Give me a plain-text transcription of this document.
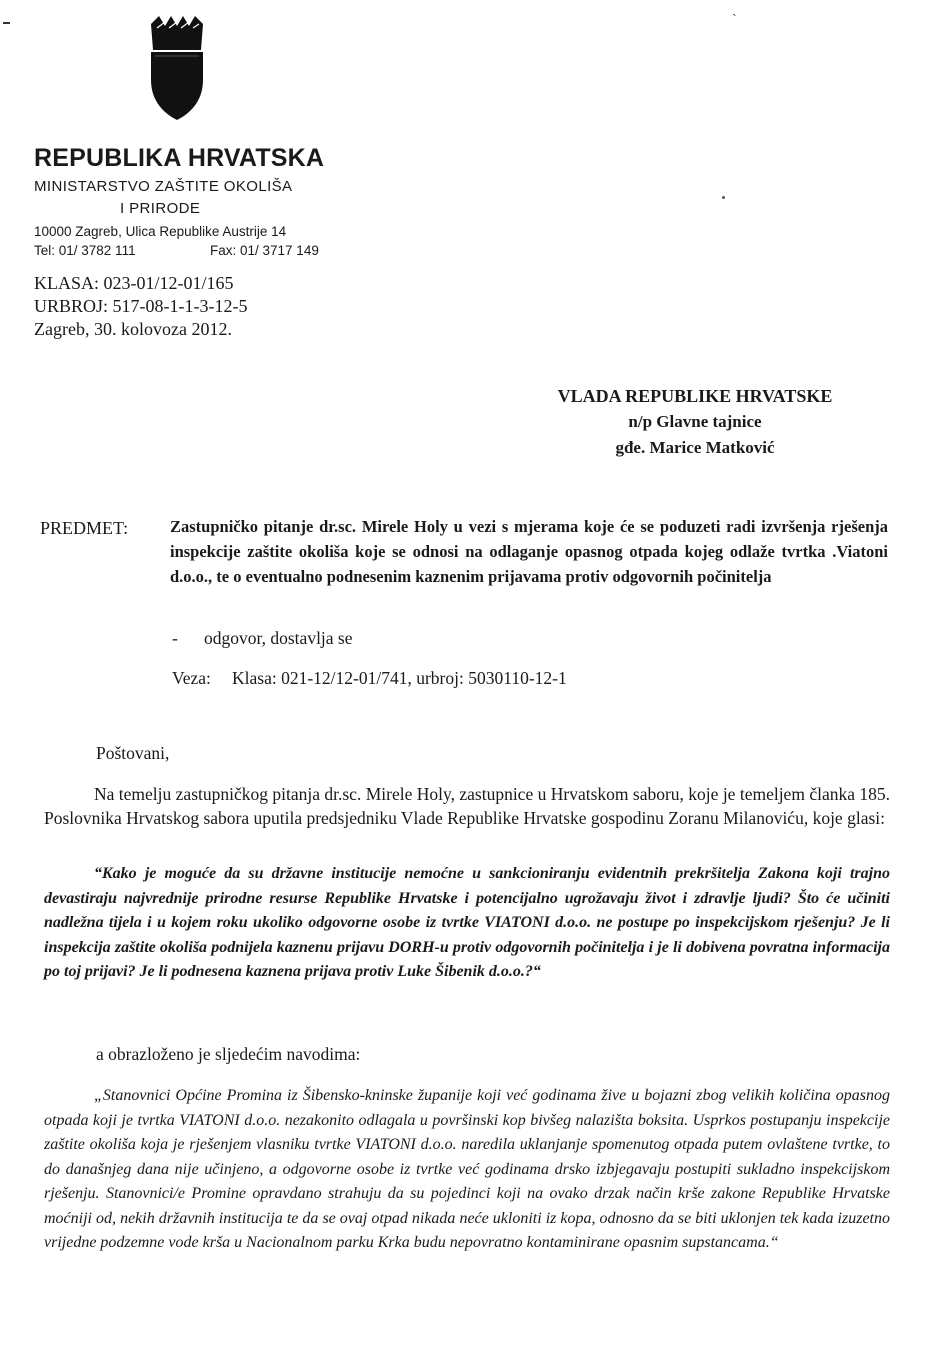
ˎ
REPUBLIKA HRVATSKA
MINISTARSTVO ZAŠTITE OKOLIŠA
I PRIRODE
10000 Zagreb, Ulica Republike Austrije 14
Tel: 01/ 3782 111	Fax: 01/ 3717 149
KLASA: 023-01/12-01/165
URBROJ: 517-08-1-1-3-12-5
Zagreb, 30. kolovoza 2012.
VLADA REPUBLIKE HRVATSKE
n/p Glavne tajnice
gđe. Marice Matković
PREDMET:	Zastupničko pitanje dr.sc. Mirele Holy u vezi s mjerama koje će se poduzeti radi izvršenja rješenja inspekcije zaštite okoliša koje se odnosi na odlaganje opasnog otpada kojeg odlaže tvrtka .Viatoni d.o.o., te o eventualno podnesenim kaznenim prijavama protiv odgovornih počinitelja
- odgovor, dostavlja se
Veza: Klasa: 021-12/12-01/741, urbroj: 5030110-12-1
Poštovani,
Na temelju zastupničkog pitanja dr.sc. Mirele Holy, zastupnice u Hrvatskom saboru, koje je temeljem članka 185. Poslovnika Hrvatskog sabora uputila predsjedniku Vlade Republike Hrvatske gospodinu Zoranu Milanoviću, koje glasi:
“Kako je moguće da su državne institucije nemoćne u sankcioniranju evidentnih prekršitelja Zakona koji trajno devastiraju najvrednije prirodne resurse Republike Hrvatske i potencijalno ugrožavaju život i zdravlje ljudi? Što će učiniti nadležna tijela i u kojem roku ukoliko odgovorne osobe iz tvrtke VIATONI d.o.o. ne postupe po inspekcijskom rješenju? Je li inspekcija zaštite okoliša podnijela kaznenu prijavu DORH-u protiv odgovornih počinitelja i je li dobivena povratna informacija po toj prijavi? Je li podnesena kaznena prijava protiv Luke Šibenik d.o.o.?“
a obrazloženo je sljedećim navodima:
„Stanovnici Općine Promina iz Šibensko-kninske županije koji već godinama žive u bojazni zbog velikih količina opasnog otpada koji je tvrtka VIATONI d.o.o. nezakonito odlagala u površinski kop bivšeg nalazišta boksita. Usprkos postupanju inspekcije zaštite okoliša koja je rješenjem vlasniku tvrtke VIATONI d.o.o. naredila uklanjanje spomenutog otpada putem ovlaštene tvrtke, to do današnjeg dana nije učinjeno, a odgovorne osobe iz tvrtke već godinama drsko izbjegavaju postupiti sukladno inspekcijskom rješenju. Stanovnici/e Promine opravdano strahuju da su pojedinci koji na ovako drzak način krše zakone Republike Hrvatske moćniji od, nekih državnih institucija te da se ovaj otpad nikada neće ukloniti iz kopa, odnosno da se biti uklonjen tek kada izuzetno vrijedne podzemne vode krša u Nacionalnom parku Krka budu nepovratno kontaminirane opasnim supstancama.“
